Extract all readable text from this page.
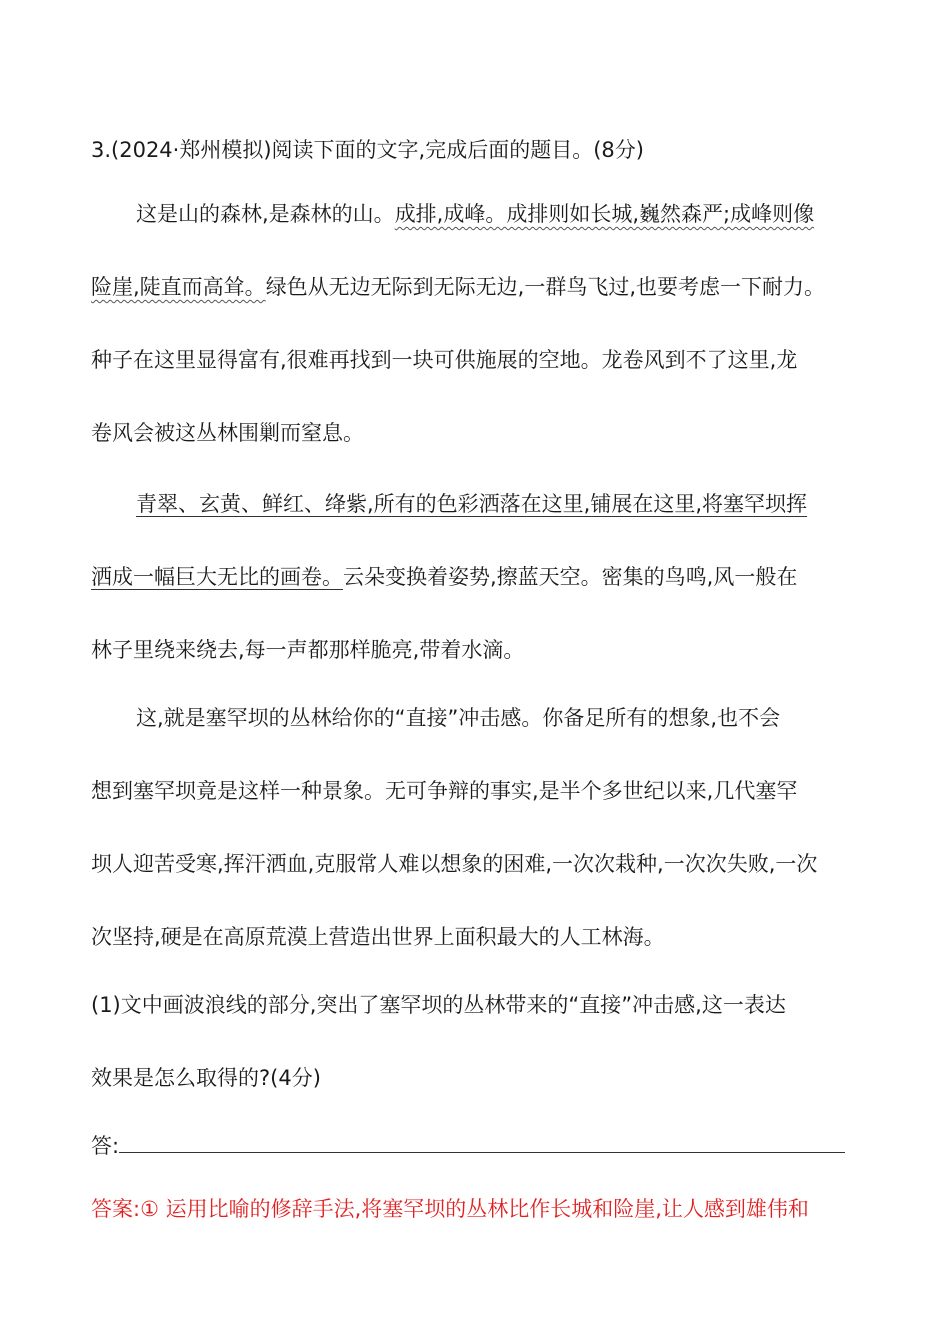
3.(2024·郑州模拟)阅读下面的文字,完成后面的题目。(8分)
这是山的森林,是森林的山。成排,成峰。成排则如长城,巍然森严;成峰则像
险崖,陡直而高耸。绿色从无边无际到无际无边,一群鸟飞过,也要考虑一下耐力。
种子在这里显得富有,很难再找到一块可供施展的空地。龙卷风到不了这里,龙
卷风会被这丛林围剿而窒息。
青翠、玄黄、鲜红、绛紫,所有的色彩洒落在这里,铺展在这里,将塞罕坝挥
洒成一幅巨大无比的画卷。云朵变换着姿势,擦蓝天空。密集的鸟鸣,风一般在
林子里绕来绕去,每一声都那样脆亮,带着水滴。
这,就是塞罕坝的丛林给你的“直接”冲击感。你备足所有的想象,也不会
想到塞罕坝竟是这样一种景象。无可争辩的事实,是半个多世纪以来,几代塞罕
坝人迎苦受寒,挥汗洒血,克服常人难以想象的困难,一次次栽种,一次次失败,一次
次坚持,硬是在高原荒漠上营造出世界上面积最大的人工林海。
(1)文中画波浪线的部分,突出了塞罕坝的丛林带来的“直接”冲击感,这一表达
效果是怎么取得的?(4分)
答:
答案:① 运用比喻的修辞手法,将塞罕坝的丛林比作长城和险崖,让人感到雄伟和
